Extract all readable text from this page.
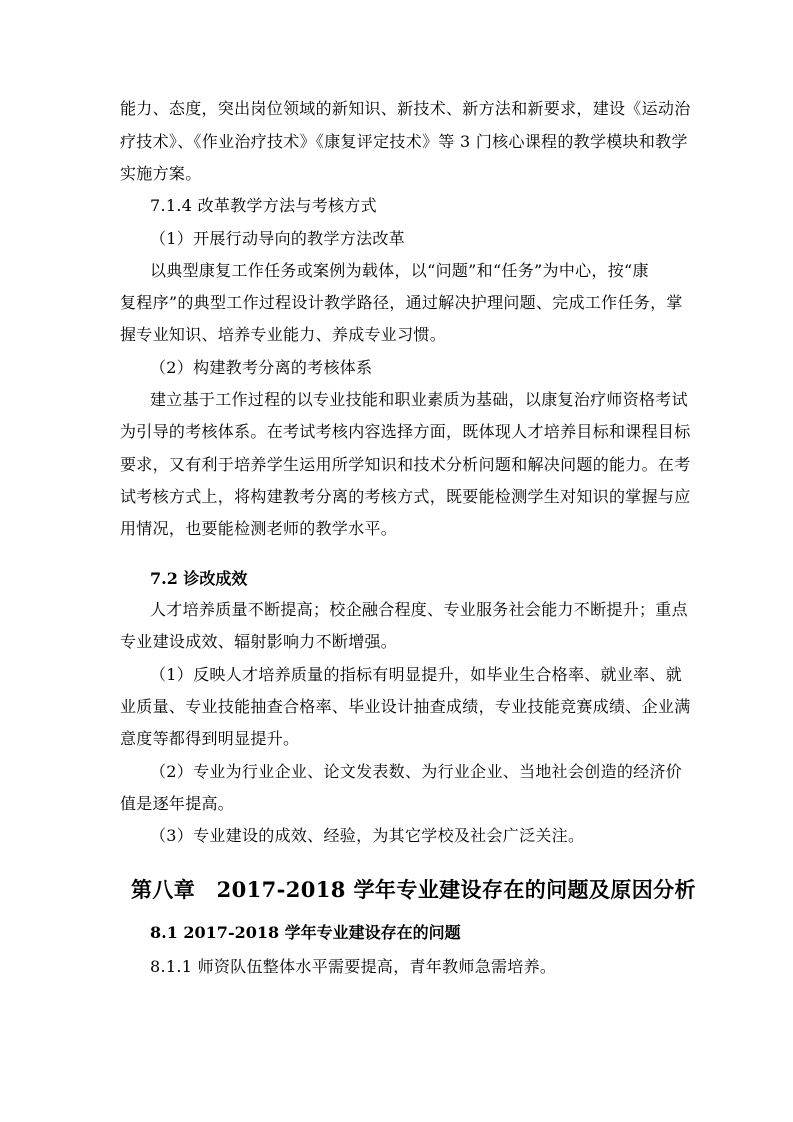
能力、态度，突出岗位领域的新知识、新技术、新方法和新要求，建设《运动治
疗技术》、《作业治疗技术》《康复评定技术》等 3 门核心课程的教学模块和教学
实施方案。
7.1.4 改革教学方法与考核方式
（1）开展行动导向的教学方法改革
以典型康复工作任务或案例为载体，以“问题”和“任务”为中心，按“康
复程序”的典型工作过程设计教学路径，通过解决护理问题、完成工作任务，掌
握专业知识、培养专业能力、养成专业习惯。
（2）构建教考分离的考核体系
建立基于工作过程的以专业技能和职业素质为基础，以康复治疗师资格考试
为引导的考核体系。在考试考核内容选择方面，既体现人才培养目标和课程目标
要求，又有利于培养学生运用所学知识和技术分析问题和解决问题的能力。在考
试考核方式上，将构建教考分离的考核方式，既要能检测学生对知识的掌握与应
用情况，也要能检测老师的教学水平。
7.2 诊改成效
人才培养质量不断提高；校企融合程度、专业服务社会能力不断提升；重点
专业建设成效、辐射影响力不断增强。
（1）反映人才培养质量的指标有明显提升，如毕业生合格率、就业率、就
业质量、专业技能抽查合格率、毕业设计抽查成绩，专业技能竞赛成绩、企业满
意度等都得到明显提升。
（2）专业为行业企业、论文发表数、为行业企业、当地社会创造的经济价
值是逐年提高。
（3）专业建设的成效、经验，为其它学校及社会广泛关注。
第八章　2017-2018 学年专业建设存在的问题及原因分析
8.1 2017-2018 学年专业建设存在的问题
8.1.1 师资队伍整体水平需要提高，青年教师急需培养。
